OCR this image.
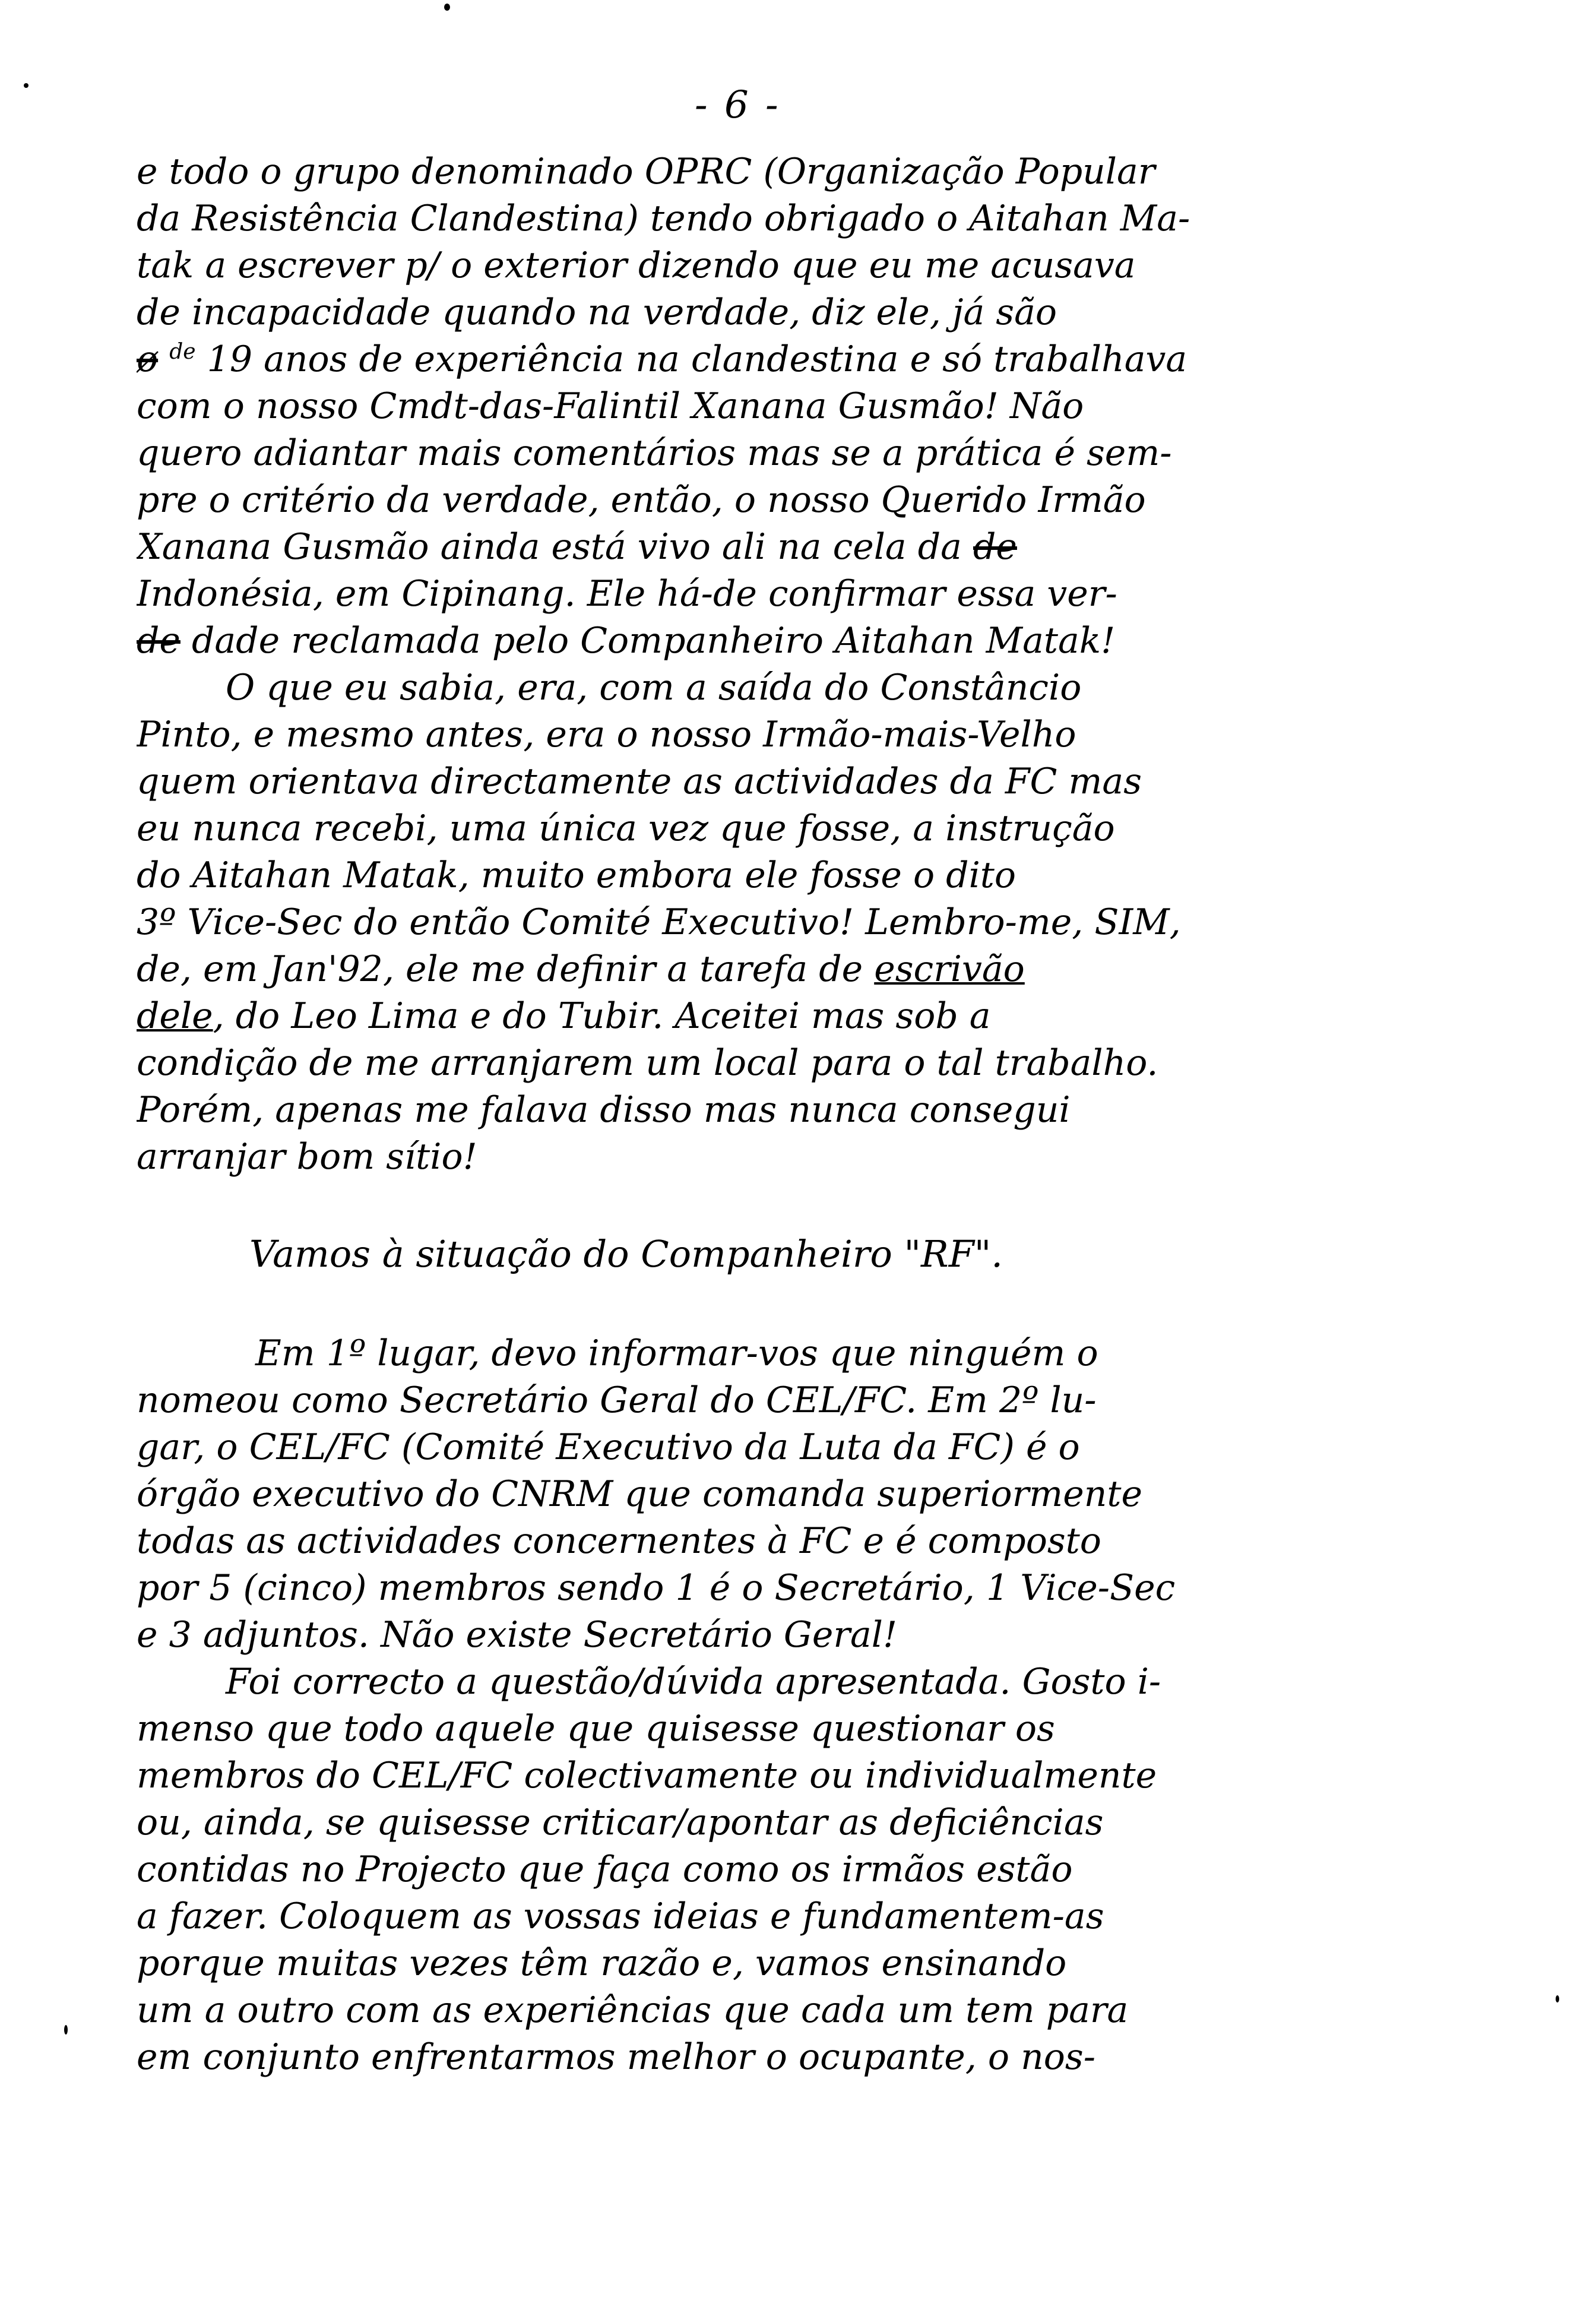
- 6 -
e todo o grupo denominado OPRC (Organização Popular
da Resistência Clandestina) tendo obrigado o Aitahan Ma-
tak a escrever p/ o exterior dizendo que eu me acusava
de incapacidade quando na verdade, diz ele, já são
ø $^{de}$ 19 anos de experiência na clandestina e só trabalhava
com o nosso Cmdt-das-Falintil Xanana Gusmão! Não
quero adiantar mais comentários mas se a prática é sem-
pre o critério da verdade, então, o nosso Querido Irmão
Xanana Gusmão ainda está vivo ali na cela da de
Indonésia, em Cipinang. Ele há-de confirmar essa ver-
de dade reclamada pelo Companheiro Aitahan Matak!
O que eu sabia, era, com a saída do Constâncio
Pinto, e mesmo antes, era o nosso Irmão-mais-Velho
quem orientava directamente as actividades da FC mas
eu nunca recebi, uma única vez que fosse, a instrução
do Aitahan Matak, muito embora ele fosse o dito
3º Vice-Sec do então Comité Executivo! Lembro-me, SIM,
de, em Jan'92, ele me definir a tarefa de escrivão
dele, do Leo Lima e do Tubir. Aceitei mas sob a
condição de me arranjarem um local para o tal trabalho.
Porém, apenas me falava disso mas nunca consegui
arranjar bom sítio!
Vamos à situação do Companheiro "RF".
Em 1º lugar, devo informar-vos que ninguém o
nomeou como Secretário Geral do CEL/FC. Em 2º lu-
gar, o CEL/FC (Comité Executivo da Luta da FC) é o
órgão executivo do CNRM que comanda superiormente
todas as actividades concernentes à FC e é composto
por 5 (cinco) membros sendo 1 é o Secretário, 1 Vice-Sec
e 3 adjuntos. Não existe Secretário Geral!
Foi correcto a questão/dúvida apresentada. Gosto i-
menso que todo aquele que quisesse questionar os
membros do CEL/FC colectivamente ou individualmente
ou, ainda, se quisesse criticar/apontar as deficiências
contidas no Projecto que faça como os irmãos estão
a fazer. Coloquem as vossas ideias e fundamentem-as
porque muitas vezes têm razão e, vamos ensinando
um a outro com as experiências que cada um tem para
em conjunto enfrentarmos melhor o ocupante, o nos-
